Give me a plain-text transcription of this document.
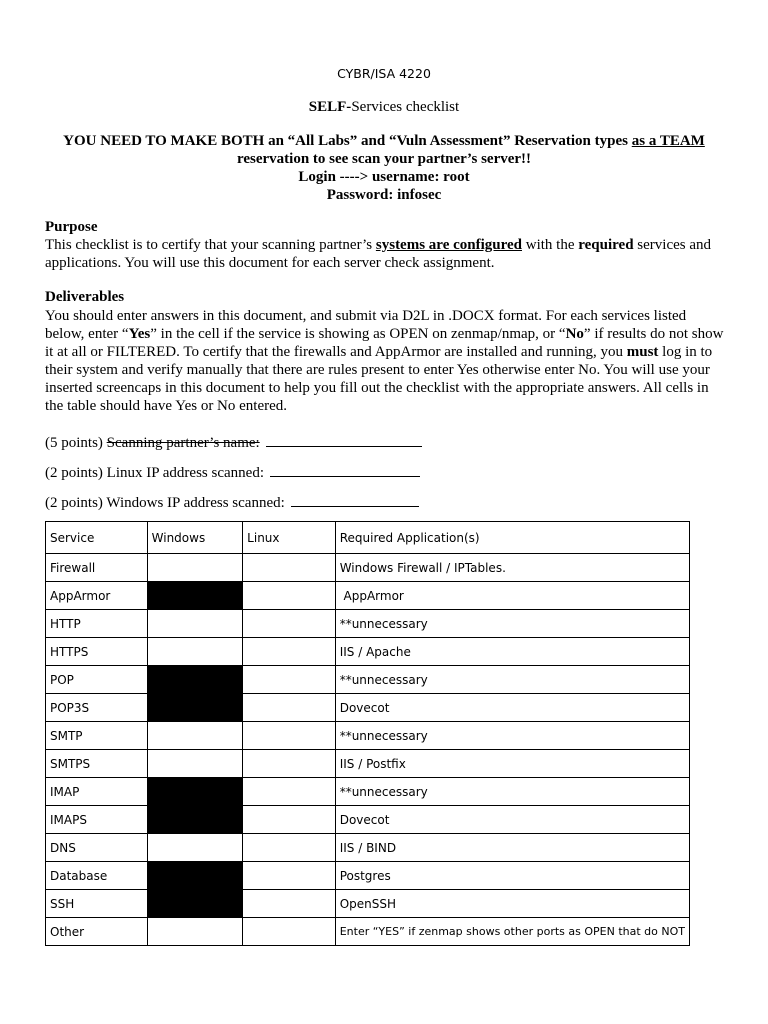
CYBR/ISA 4220
SELF-Services checklist
YOU NEED TO MAKE BOTH an “All Labs” and “Vuln Assessment” Reservation types as a TEAM reservation to see scan your partner’s server!!
Login ----> username: root
Password: infosec
Purpose
This checklist is to certify that your scanning partner’s systems are configured with the required services and applications. You will use this document for each server check assignment.
Deliverables
You should enter answers in this document, and submit via D2L in .DOCX format. For each services listed below, enter “Yes” in the cell if the service is showing as OPEN on zenmap/nmap, or “No” if results do not show it at all or FILTERED. To certify that the firewalls and AppArmor are installed and running, you must log in to their system and verify manually that there are rules present to enter Yes otherwise enter No. You will use your inserted screencaps in this document to help you fill out the checklist with the appropriate answers. All cells in the table should have Yes or No entered.
(5 points) Scanning partner’s name:
(2 points) Linux IP address scanned:
(2 points) Windows IP address scanned:
Service	Windows	Linux	Required Application(s)
Firewall			Windows Firewall / IPTables.
AppArmor			AppArmor
HTTP			**unnecessary
HTTPS			IIS / Apache
POP			**unnecessary
POP3S			Dovecot
SMTP			**unnecessary
SMTPS			IIS / Postfix
IMAP			**unnecessary
IMAPS			Dovecot
DNS			IIS / BIND
Database			Postgres
SSH			OpenSSH
Other			Enter “YES” if zenmap shows other ports as OPEN that do NOT
